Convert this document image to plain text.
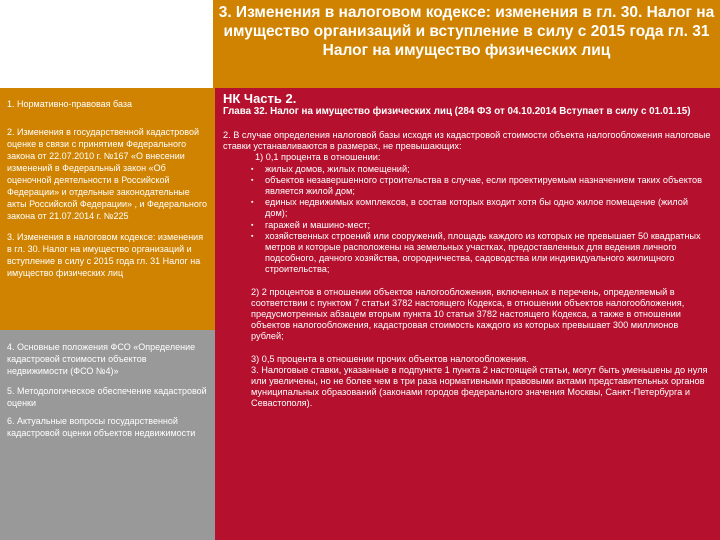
3. Изменения в налоговом кодексе: изменения в гл. 30. Налог на имущество организаций и вступление в силу с 2015 года гл. 31 Налог на имущество физических лиц

1. Нормативно-правовая база

2. Изменения в государственной кадастровой оценке в связи с принятием Федерального закона от 22.07.2010 г. №167 «О внесении изменений в Федеральный закон «Об оценочной деятельности в Российской Федерации» и отдельные законодательные акты Российской Федерации» , и Федерального закона от 21.07.2014 г. №225

3. Изменения в налоговом кодексе: изменения в гл. 30. Налог на имущество организаций и вступление в силу с 2015 года гл. 31 Налог на имущество физических лиц

4. Основные положения ФСО «Определение кадастровой стоимости объектов недвижимости (ФСО №4)»

5. Методологическое обеспечение кадастровой оценки

6. Актуальные вопросы государственной кадастровой оценки объектов недвижимости

НК Часть 2.
Глава 32. Налог на имущество физических лиц (284 ФЗ от 04.10.2014 Вступает в силу с 01.01.15)

2. В случае определения налоговой базы исходя из кадастровой стоимости объекта налогообложения налоговые ставки устанавливаются в размерах, не превышающих:

1) 0,1 процента в отношении:

▪ жилых домов, жилых помещений;
▪ объектов незавершенного строительства в случае, если проектируемым назначением таких объектов является жилой дом;
▪ единых недвижимых комплексов, в состав которых входит хотя бы одно жилое помещение (жилой дом);
▪ гаражей и машино-мест;
▪ хозяйственных строений или сооружений, площадь каждого из которых не превышает 50 квадратных метров и которые расположены на земельных участках, предоставленных для ведения личного подсобного, дачного хозяйства, огородничества, садоводства или индивидуального жилищного строительства;

2) 2 процентов в отношении объектов налогообложения, включенных в перечень, определяемый в соответствии с пунктом 7 статьи 3782 настоящего Кодекса, в отношении объектов налогообложения, предусмотренных абзацем вторым пункта 10 статьи 3782 настоящего Кодекса, а также в отношении объектов налогообложения, кадастровая стоимость каждого из которых превышает 300 миллионов рублей;

3) 0,5 процента в отношении прочих объектов налогообложения.

3. Налоговые ставки, указанные в подпункте 1 пункта 2 настоящей статьи, могут быть уменьшены до нуля или увеличены, но не более чем в три раза нормативными правовыми актами представительных органов муниципальных образований (законами городов федерального значения Москвы, Санкт-Петербурга и Севастополя).
